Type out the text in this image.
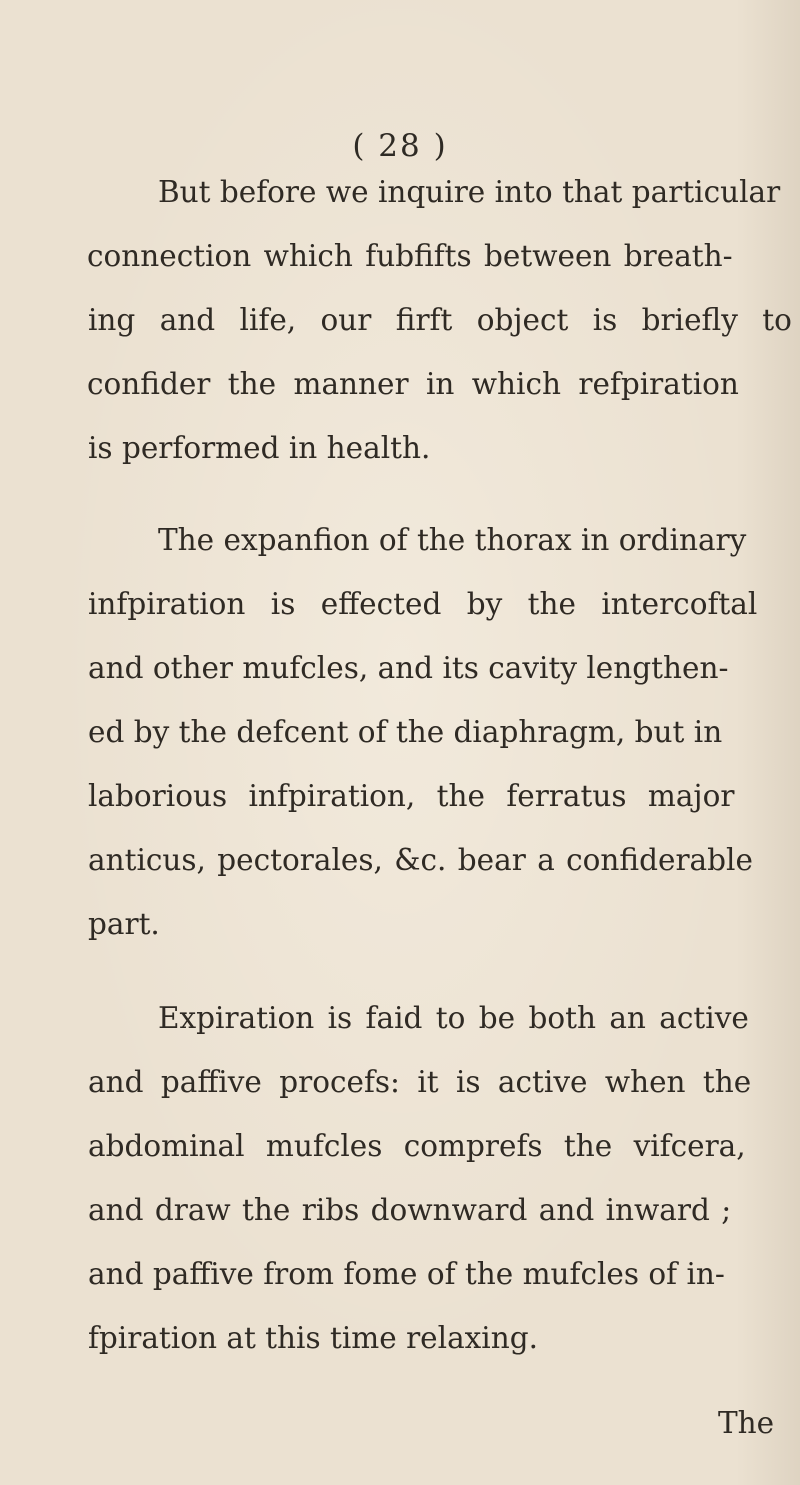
( 28 )
But before we inquire into that particular
connection which fubfifts between breath-
ing and life, our firft object is briefly to
confider the manner in which refpiration
is performed in health.
The expanfion of the thorax in ordinary
infpiration is effected by the intercoftal
and other mufcles, and its cavity lengthen-
ed by the defcent of the diaphragm, but in
laborious infpiration, the ferratus major
anticus, pectorales, &c. bear a confiderable
part.
Expiration is faid to be both an active
and paffive procefs: it is active when the
abdominal mufcles comprefs the vifcera,
and draw the ribs downward and inward ;
and paffive from fome of the mufcles of in-
fpiration at this time relaxing.
The
